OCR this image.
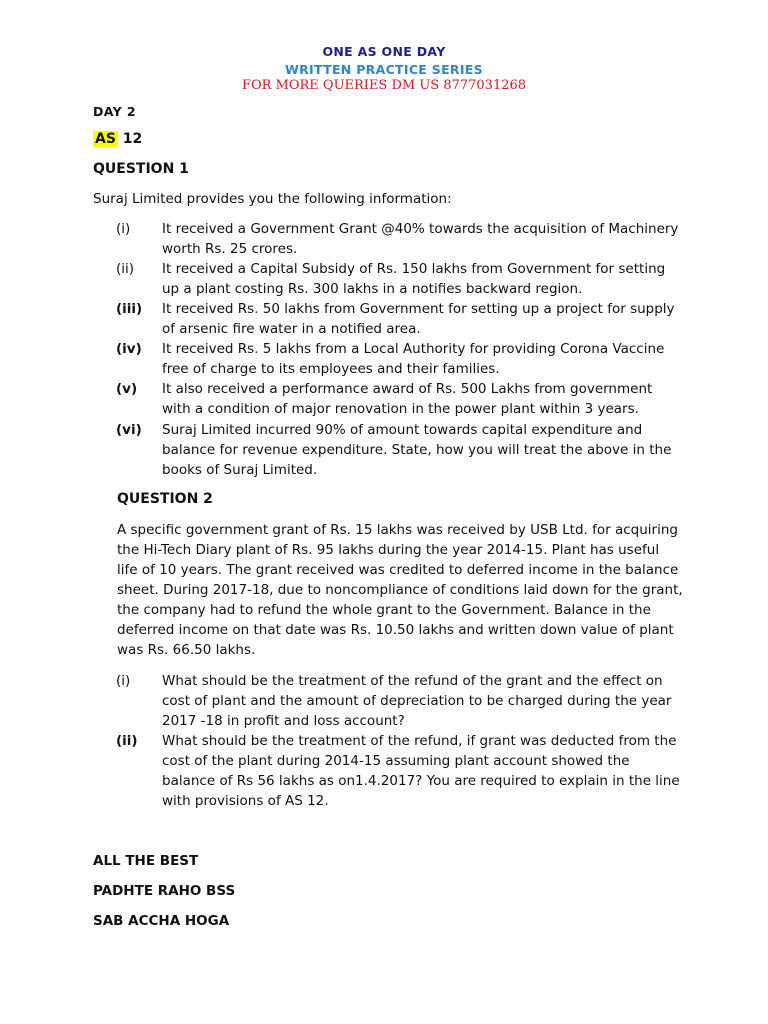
ONE AS ONE DAY
WRITTEN PRACTICE SERIES
FOR MORE QUERIES DM US 8777031268
DAY 2
AS 12
QUESTION 1
Suraj Limited provides you the following information:
(i) It received a Government Grant @40% towards the acquisition of Machinery worth Rs. 25 crores.
(ii) It received a Capital Subsidy of Rs. 150 lakhs from Government for setting up a plant costing Rs. 300 lakhs in a notifies backward region.
(iii) It received Rs. 50 lakhs from Government for setting up a project for supply of arsenic fire water in a notified area.
(iv) It received Rs. 5 lakhs from a Local Authority for providing Corona Vaccine free of charge to its employees and their families.
(v) It also received a performance award of Rs. 500 Lakhs from government with a condition of major renovation in the power plant within 3 years.
(vi) Suraj Limited incurred 90% of amount towards capital expenditure and balance for revenue expenditure. State, how you will treat the above in the books of Suraj Limited.
QUESTION 2
A specific government grant of Rs. 15 lakhs was received by USB Ltd. for acquiring
the Hi-Tech Diary plant of Rs. 95 lakhs during the year 2014-15. Plant has useful
life of 10 years. The grant received was credited to deferred income in the balance
sheet. During 2017-18, due to noncompliance of conditions laid down for the grant,
the company had to refund the whole grant to the Government. Balance in the
deferred income on that date was Rs. 10.50 lakhs and written down value of plant
was Rs. 66.50 lakhs.
(i) What should be the treatment of the refund of the grant and the effect on cost of plant and the amount of depreciation to be charged during the year 2017 -18 in profit and loss account?
(ii) What should be the treatment of the refund, if grant was deducted from the cost of the plant during 2014-15 assuming plant account showed the balance of Rs 56 lakhs as on1.4.2017? You are required to explain in the line with provisions of AS 12.
ALL THE BEST
PADHTE RAHO BSS
SAB ACCHA HOGA
